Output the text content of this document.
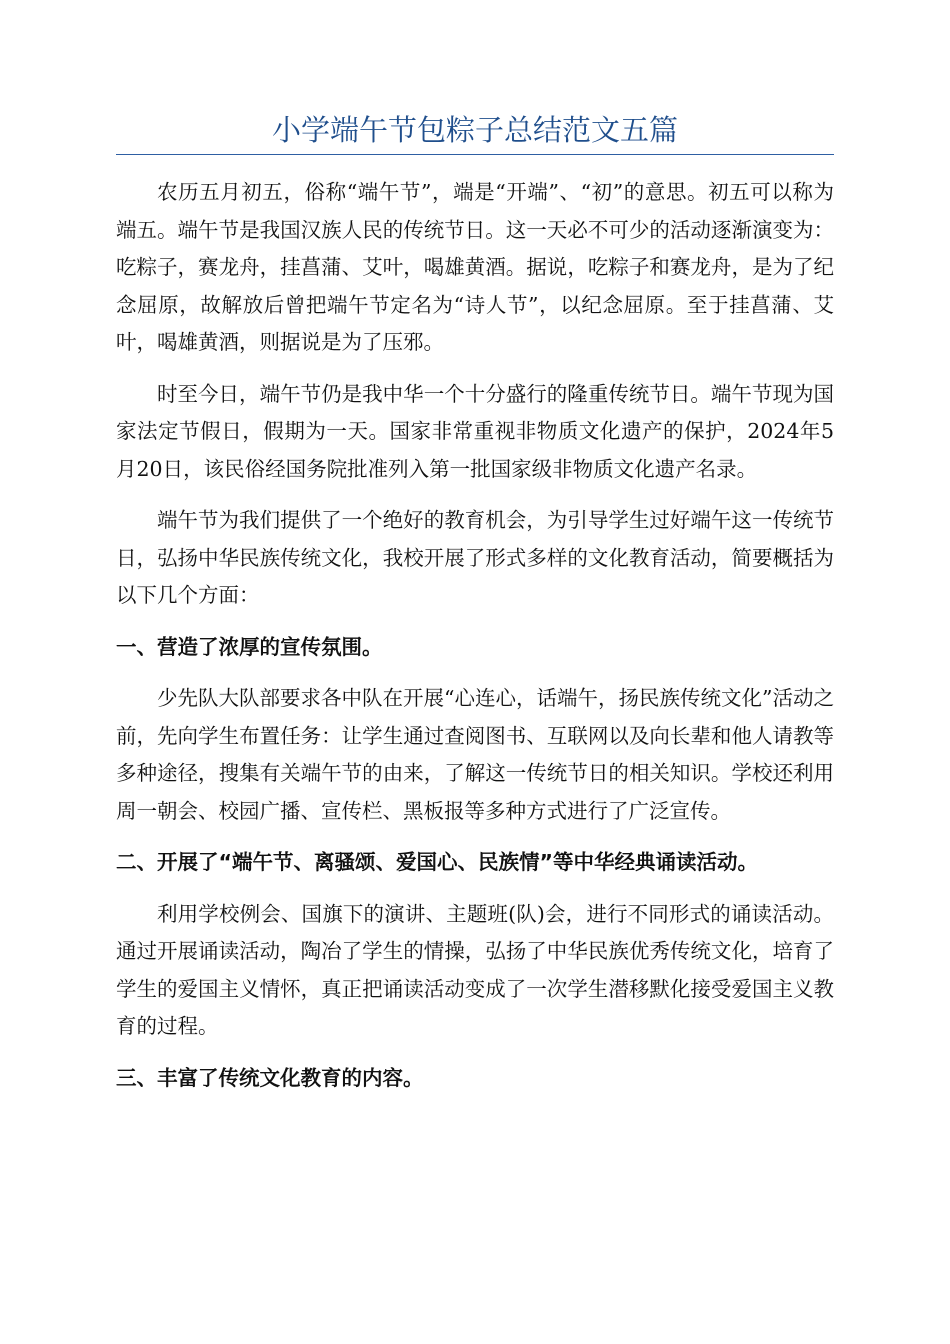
小学端午节包粽子总结范文五篇

农历五月初五，俗称“端午节”，端是“开端”、“初”的意思。初五可以称为端五。端午节是我国汉族人民的传统节日。这一天必不可少的活动逐渐演变为：吃粽子，赛龙舟，挂菖蒲、艾叶，喝雄黄酒。据说，吃粽子和赛龙舟，是为了纪念屈原，故解放后曾把端午节定名为“诗人节”，以纪念屈原。至于挂菖蒲、艾叶，喝雄黄酒，则据说是为了压邪。

时至今日，端午节仍是我中华一个十分盛行的隆重传统节日。端午节现为国家法定节假日，假期为一天。国家非常重视非物质文化遗产的保护，2024年5月20日，该民俗经国务院批准列入第一批国家级非物质文化遗产名录。

端午节为我们提供了一个绝好的教育机会，为引导学生过好端午这一传统节日，弘扬中华民族传统文化，我校开展了形式多样的文化教育活动，简要概括为以下几个方面：

一、营造了浓厚的宣传氛围。

少先队大队部要求各中队在开展“心连心，话端午，扬民族传统文化”活动之前，先向学生布置任务：让学生通过查阅图书、互联网以及向长辈和他人请教等多种途径，搜集有关端午节的由来，了解这一传统节日的相关知识。学校还利用周一朝会、校园广播、宣传栏、黑板报等多种方式进行了广泛宣传。

二、开展了“端午节、离骚颂、爱国心、民族情”等中华经典诵读活动。

利用学校例会、国旗下的演讲、主题班(队)会，进行不同形式的诵读活动。通过开展诵读活动，陶冶了学生的情操，弘扬了中华民族优秀传统文化，培育了学生的爱国主义情怀，真正把诵读活动变成了一次学生潜移默化接受爱国主义教育的过程。

三、丰富了传统文化教育的内容。
